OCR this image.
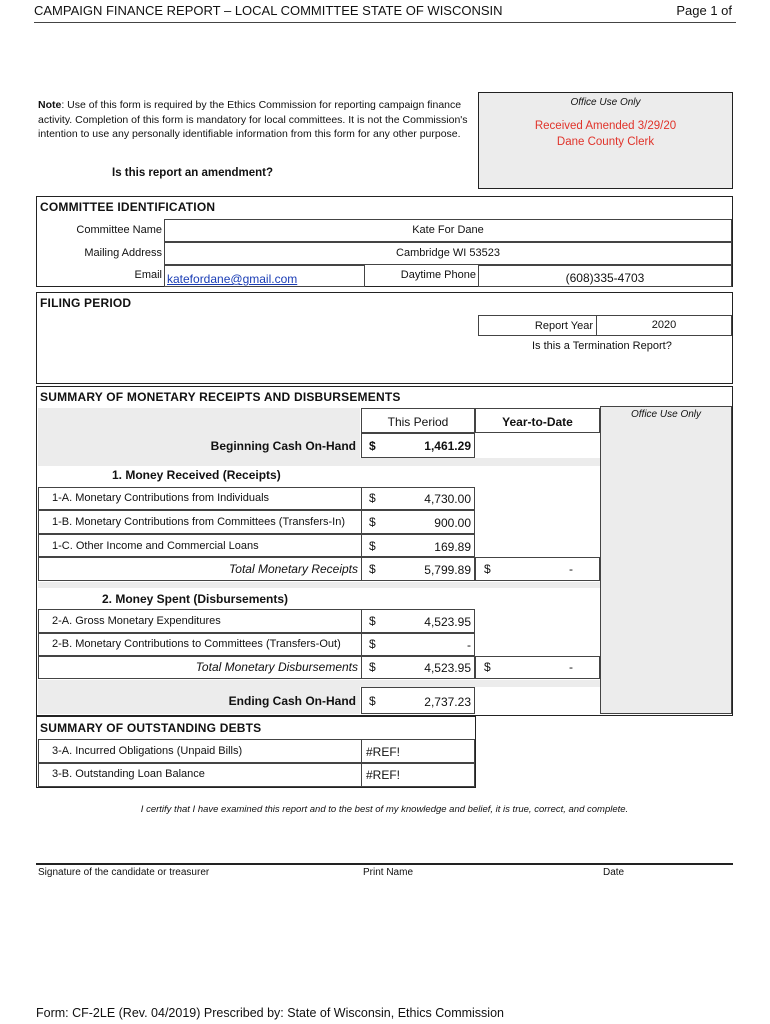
CAMPAIGN FINANCE REPORT – LOCAL COMMITTEE STATE OF WISCONSIN	Page 1 of
Note: Use of this form is required by the Ethics Commission for reporting campaign finance activity. Completion of this form is mandatory for local committees. It is not the Commission's intention to use any personally identifiable information from this form for any other purpose.
Is this report an amendment?
Office Use Only
Received Amended 3/29/20
Dane County Clerk
COMMITTEE IDENTIFICATION
Committee Name	Kate For Dane
Mailing Address	Cambridge WI 53523
Email katefordane@gmail.com	Daytime Phone	(608)335-4703
FILING PERIOD
Report Year	2020
Is this a Termination Report?
SUMMARY OF MONETARY RECEIPTS AND DISBURSEMENTS
Office Use Only
This Period	Year-to-Date
Beginning Cash On-Hand $	1,461.29
1. Money Received (Receipts)
1-A. Monetary Contributions from Individuals	$	4,730.00
1-B. Monetary Contributions from Committees (Transfers-In) $	900.00
1-C. Other Income and Commercial Loans	$	169.89
Total Monetary Receipts $	5,799.89 $	-
2. Money Spent (Disbursements)
2-A. Gross Monetary Expenditures	$	4,523.95
2-B. Monetary Contributions to Committees (Transfers-Out) $	-
Total Monetary Disbursements $	4,523.95 $	-
Ending Cash On-Hand $	2,737.23
SUMMARY OF OUTSTANDING DEBTS
3-A. Incurred Obligations (Unpaid Bills)	#REF!
3-B. Outstanding Loan Balance	#REF!
I certify that I have examined this report and to the best of my knowledge and belief, it is true, correct, and complete.
Signature of the candidate or treasurer	Print Name	Date
Form: CF-2LE (Rev. 04/2019) Prescribed by: State of Wisconsin, Ethics Commission
